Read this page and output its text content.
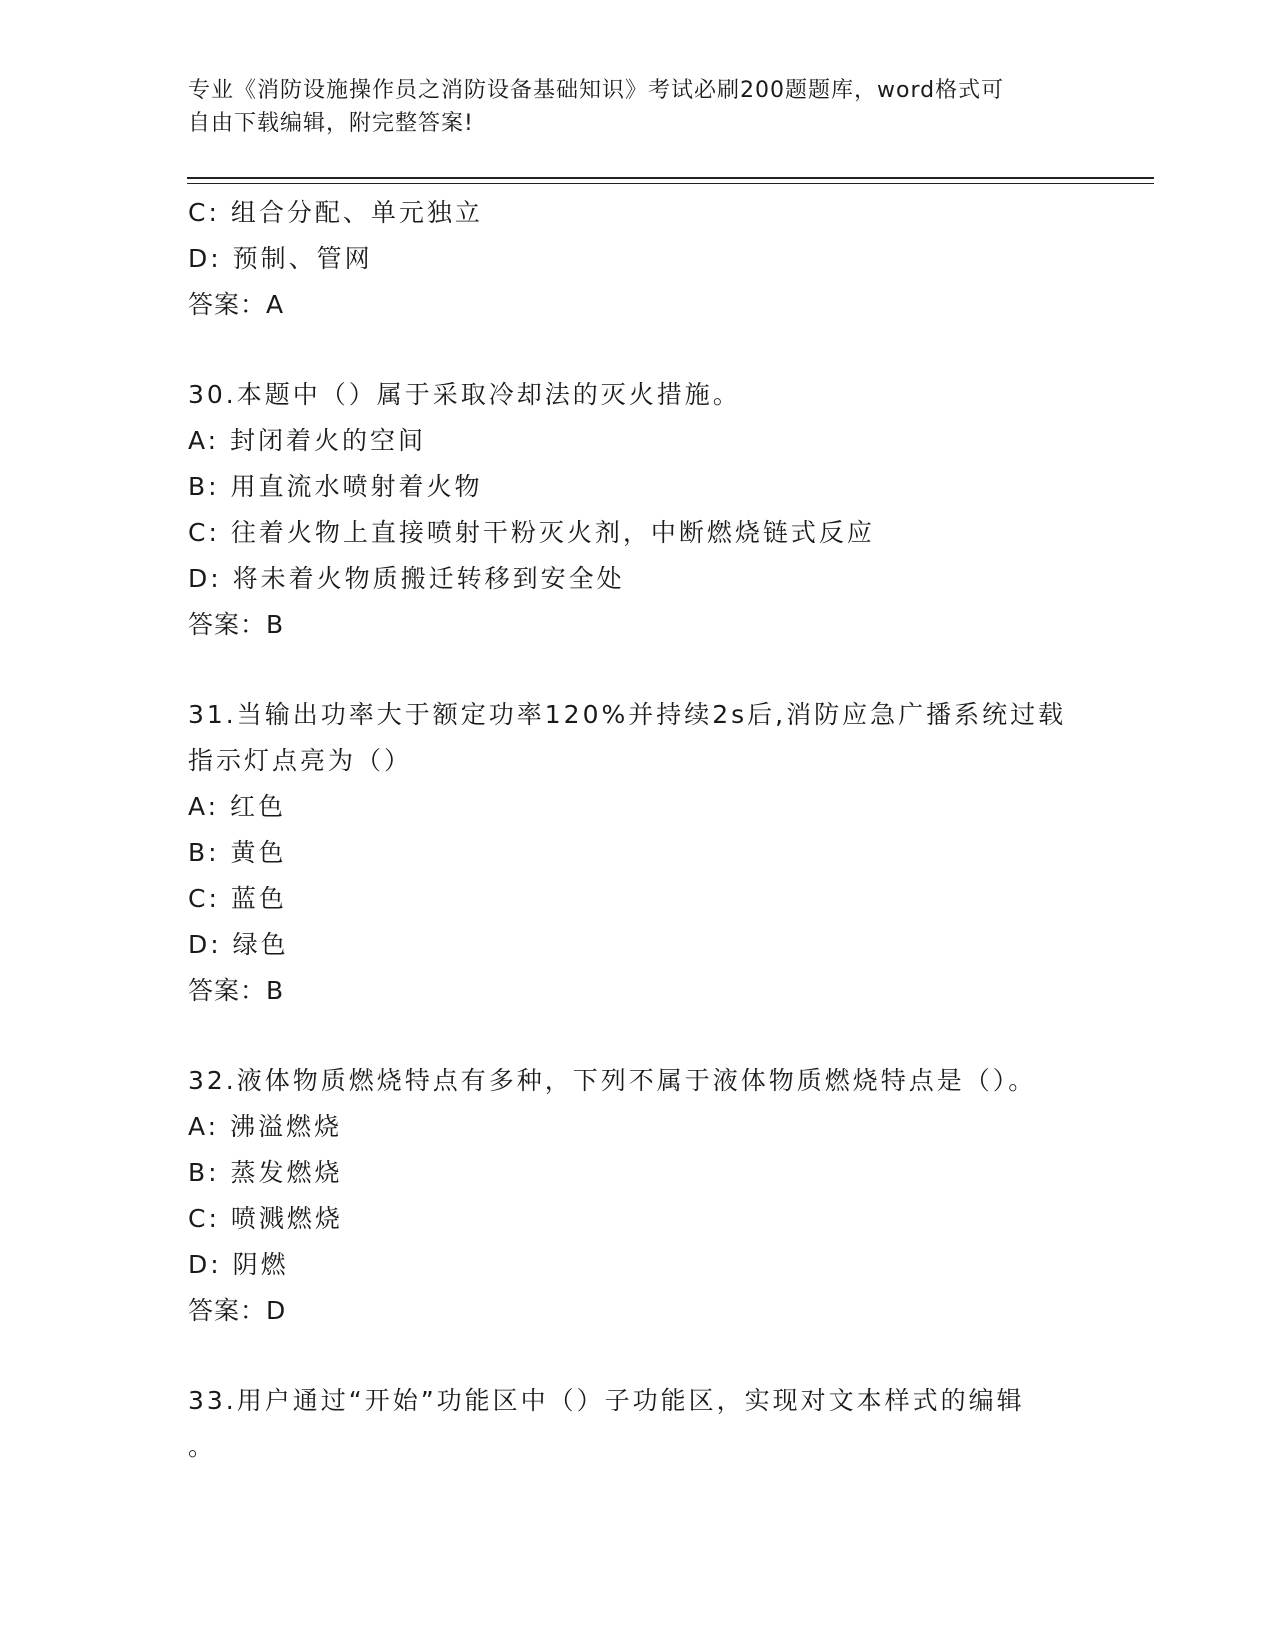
专业《消防设施操作员之消防设备基础知识》考试必刷200题题库，word格式可
自由下载编辑，附完整答案!
C: 组合分配、单元独立
D: 预制、管网
答案：A
30.本题中（）属于采取冷却法的灭火措施。
A: 封闭着火的空间
B: 用直流水喷射着火物
C: 往着火物上直接喷射干粉灭火剂，中断燃烧链式反应
D: 将未着火物质搬迁转移到安全处
答案：B
31.当输出功率大于额定功率120%并持续2s后,消防应急广播系统过载
指示灯点亮为（）
A: 红色
B: 黄色
C: 蓝色
D: 绿色
答案：B
32.液体物质燃烧特点有多种，下列不属于液体物质燃烧特点是（）。
A: 沸溢燃烧
B: 蒸发燃烧
C: 喷溅燃烧
D: 阴燃
答案：D
33.用户通过“开始”功能区中（）子功能区，实现对文本样式的编辑
。
